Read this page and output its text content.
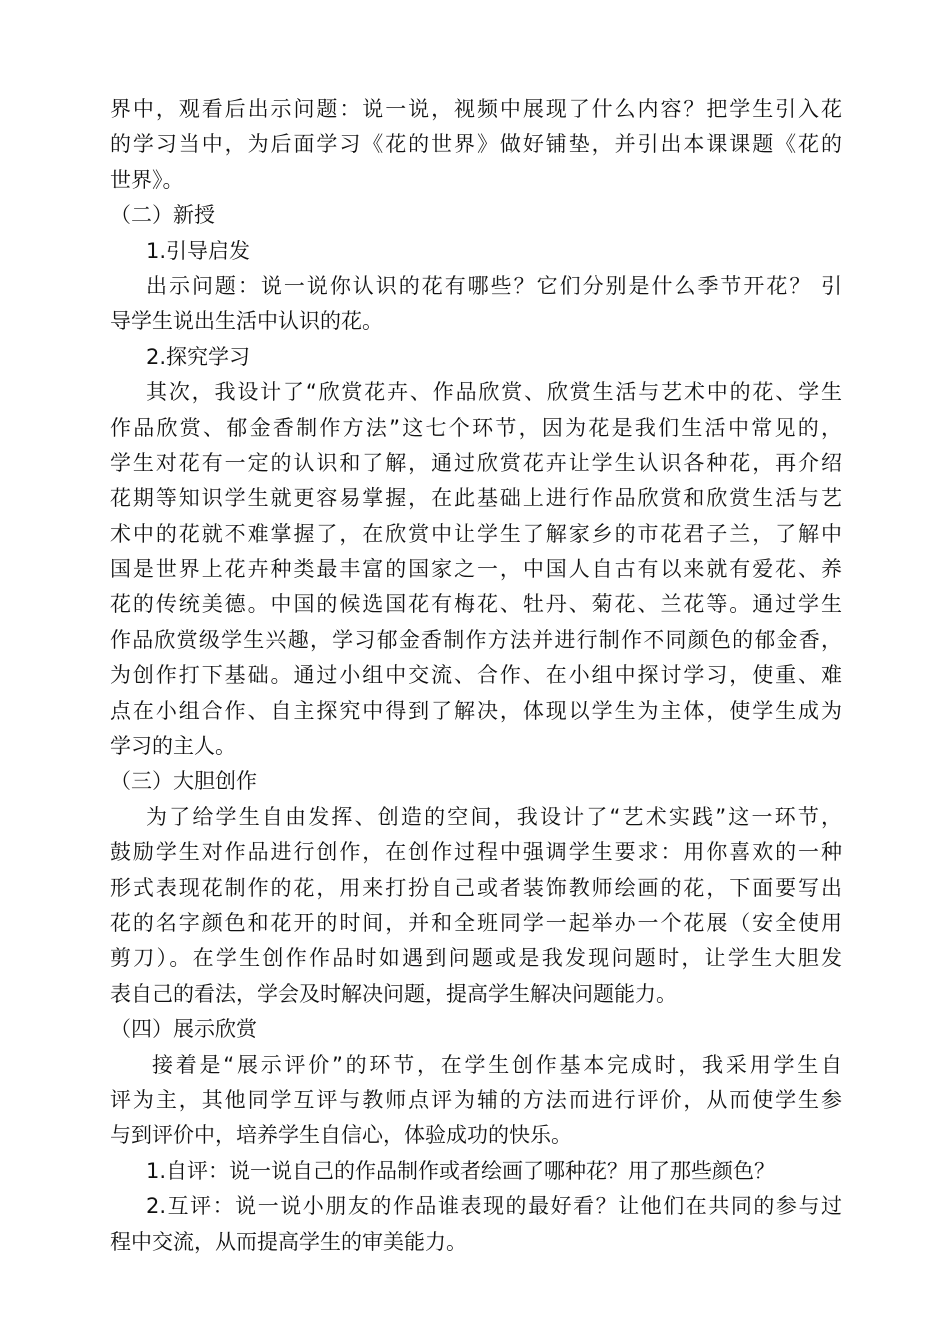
界中，观看后出示问题：说一说，视频中展现了什么内容？把学生引入花
的学习当中，为后面学习《花的世界》做好铺垫，并引出本课课题《花的
世界》。
（二）新授
1.引导启发
出示问题：说一说你认识的花有哪些？它们分别是什么季节开花？ 引
导学生说出生活中认识的花。
2.探究学习
其次，我设计了“欣赏花卉、作品欣赏、欣赏生活与艺术中的花、学生
作品欣赏、郁金香制作方法”这七个环节，因为花是我们生活中常见的，
学生对花有一定的认识和了解，通过欣赏花卉让学生认识各种花，再介绍
花期等知识学生就更容易掌握，在此基础上进行作品欣赏和欣赏生活与艺
术中的花就不难掌握了，在欣赏中让学生了解家乡的市花君子兰，了解中
国是世界上花卉种类最丰富的国家之一，中国人自古有以来就有爱花、养
花的传统美德。中国的候选国花有梅花、牡丹、菊花、兰花等。通过学生
作品欣赏级学生兴趣，学习郁金香制作方法并进行制作不同颜色的郁金香，
为创作打下基础。通过小组中交流、合作、在小组中探讨学习，使重、难
点在小组合作、自主探究中得到了解决，体现以学生为主体，使学生成为
学习的主人。
（三）大胆创作
为了给学生自由发挥、创造的空间，我设计了“艺术实践”这一环节，
鼓励学生对作品进行创作，在创作过程中强调学生要求：用你喜欢的一种
形式表现花制作的花，用来打扮自己或者装饰教师绘画的花，下面要写出
花的名字颜色和花开的时间，并和全班同学一起举办一个花展（安全使用
剪刀）。在学生创作作品时如遇到问题或是我发现问题时，让学生大胆发
表自己的看法，学会及时解决问题，提高学生解决问题能力。
（四）展示欣赏
接着是“展示评价”的环节，在学生创作基本完成时，我采用学生自
评为主，其他同学互评与教师点评为辅的方法而进行评价，从而使学生参
与到评价中，培养学生自信心，体验成功的快乐。
1.自评：说一说自己的作品制作或者绘画了哪种花？用了那些颜色？
2.互评：说一说小朋友的作品谁表现的最好看？让他们在共同的参与过
程中交流，从而提高学生的审美能力。
